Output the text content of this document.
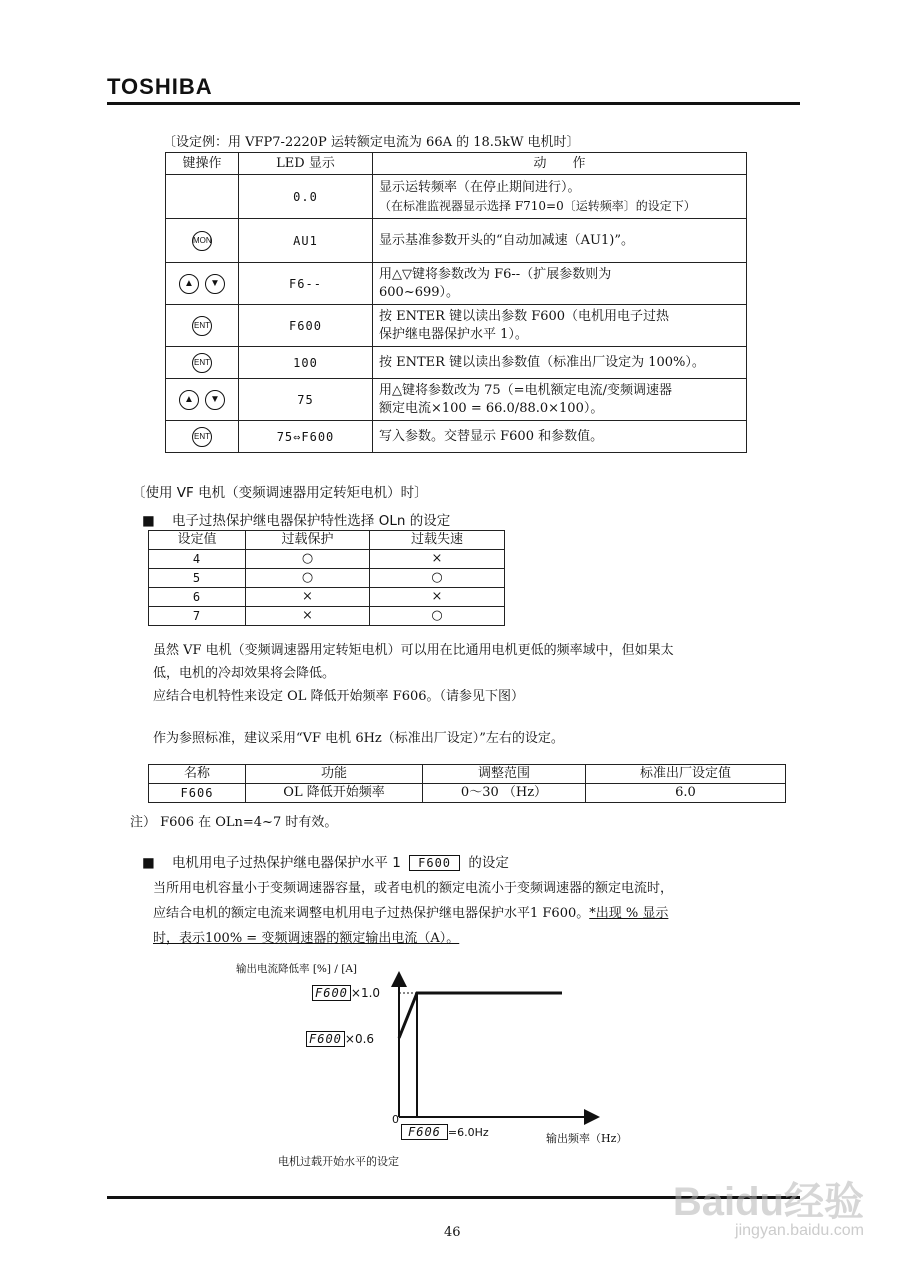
TOSHIBA
〔设定例：用 VFP7-2220P 运转额定电流为 66A 的 18.5kW 电机时〕
键操作	LED 显示	动　　作
	0.0	显示运转频率（在停止期间进行）。
（在标准监视器显示选择 F710=0〔运转频率〕的设定下）

MON	AU1	显示基准参数开头的“自动加减速（AU1)”。

▲ ▼	F6--	用△▽键将参数改为 F6--（扩展参数则为
600~699）。

ENT	F600	按 ENTER 键以读出参数 F600（电机用电子过热
保护继电器保护水平 1）。

ENT	100	按 ENTER 键以读出参数值（标准出厂设定为 100%）。

▲ ▼	75	用△键将参数改为 75（=电机额定电流/变频调速器
额定电流×100 = 66.0/88.0×100）。

ENT	75⇔F600	写入参数。交替显示 F600 和参数值。
〔使用 VF 电机（变频调速器用定转矩电机）时〕
■ 电子过热保护继电器保护特性选择 OLn 的设定
设定值	过载保护	过载失速
4	○	×
5	○	○
6	×	×
7	×	○
虽然 VF 电机（变频调速器用定转矩电机）可以用在比通用电机更低的频率域中，但如果太
低，电机的冷却效果将会降低。
应结合电机特性来设定 OL 降低开始频率 F606。（请参见下图）
作为参照标准，建议采用“VF 电机 6Hz（标准出厂设定）”左右的设定。
名称	功能	调整范围	标准出厂设定值
F606	OL 降低开始频率	0～30 （Hz）	6.0
注） F606 在 OLn=4~7 时有效。
■ 电机用电子过热保护继电器保护水平 1 F600 的设定
当所用电机容量小于变频调速器容量，或者电机的额定电流小于变频调速器的额定电流时，
应结合电机的额定电流来调整电机用电子过热保护继电器保护水平1 F600。*出现 % 显示
时，表示100% = 变频调速器的额定输出电流（A）。
输出电流降低率 [%] / [A]
F600 ×1.0
F600 ×0.6
0
F606 =6.0Hz	输出频率（Hz）
电机过载开始水平的设定
46
Baidu经验
jingyan.baidu.com
